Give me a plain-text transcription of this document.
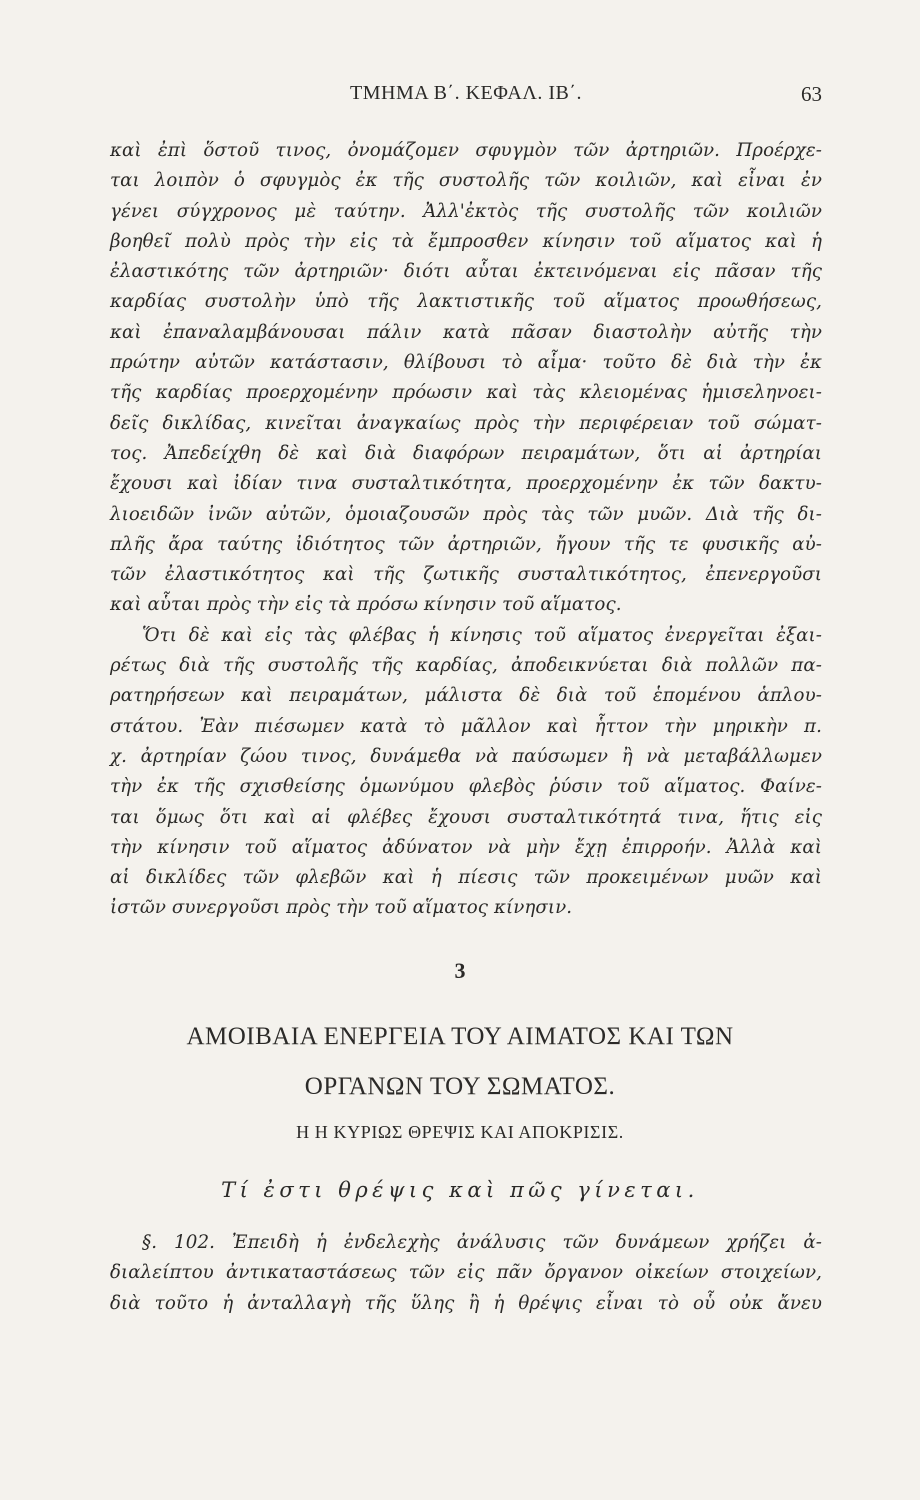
ΤΜΗΜΑ Β΄. ΚΕΦΑΛ. ΙΒ΄.	63
καὶ ἐπὶ ὅστοῦ τινος, ὀνομάζομεν σφυγμὸν τῶν ἀρτηριῶν. Προέρχε-
ται λοιπὸν ὁ σφυγμὸς ἐκ τῆς συστολῆς τῶν κοιλιῶν, καὶ εἶναι ἐν
γένει σύγχρονος μὲ ταύτην. Ἀλλ'ἐκτὸς τῆς συστολῆς τῶν κοιλιῶν
βοηθεῖ πολὺ πρὸς τὴν εἰς τὰ ἔμπροσθεν κίνησιν τοῦ αἵματος καὶ ἡ
ἐλαστικότης τῶν ἀρτηριῶν· διότι αὗται ἐκτεινόμεναι εἰς πᾶσαν τῆς
καρδίας συστολὴν ὑπὸ τῆς λακτιστικῆς τοῦ αἵματος προωθήσεως,
καὶ ἐπαναλαμβάνουσαι πάλιν κατὰ πᾶσαν διαστολὴν αὐτῆς τὴν
πρώτην αὐτῶν κατάστασιν, θλίβουσι τὸ αἷμα· τοῦτο δὲ διὰ τὴν ἐκ
τῆς καρδίας προερχομένην πρόωσιν καὶ τὰς κλειομένας ἡμισεληνοει-
δεῖς δικλίδας, κινεῖται ἀναγκαίως πρὸς τὴν περιφέρειαν τοῦ σώματ-
τος. Ἀπεδείχθη δὲ καὶ διὰ διαφόρων πειραμάτων, ὅτι αἱ ἀρτηρίαι
ἔχουσι καὶ ἰδίαν τινα συσταλτικότητα, προερχομένην ἐκ τῶν δακτυ-
λιοειδῶν ἰνῶν αὐτῶν, ὁμοιαζουσῶν πρὸς τὰς τῶν μυῶν. Διὰ τῆς δι-
πλῆς ἄρα ταύτης ἰδιότητος τῶν ἀρτηριῶν, ἤγουν τῆς τε φυσικῆς αὐ-
τῶν ἐλαστικότητος καὶ τῆς ζωτικῆς συσταλτικότητος, ἐπενεργοῦσι
καὶ αὗται πρὸς τὴν εἰς τὰ πρόσω κίνησιν τοῦ αἵματος.
Ὅτι δὲ καὶ εἰς τὰς φλέβας ἡ κίνησις τοῦ αἵματος ἐνεργεῖται ἐξαι-
ρέτως διὰ τῆς συστολῆς τῆς καρδίας, ἀποδεικνύεται διὰ πολλῶν πα-
ρατηρήσεων καὶ πειραμάτων, μάλιστα δὲ διὰ τοῦ ἑπομένου ἁπλου-
στάτου. Ἐὰν πιέσωμεν κατὰ τὸ μᾶλλον καὶ ἧττον τὴν μηρικὴν π.
χ. ἀρτηρίαν ζώου τινος, δυνάμεθα νὰ παύσωμεν ἢ νὰ μεταβάλλωμεν
τὴν ἐκ τῆς σχισθείσης ὁμωνύμου φλεβὸς ῥύσιν τοῦ αἵματος. Φαίνε-
ται ὅμως ὅτι καὶ αἱ φλέβες ἔχουσι συσταλτικότητά τινα, ἥτις εἰς
τὴν κίνησιν τοῦ αἵματος ἀδύνατον νὰ μὴν ἔχῃ ἐπιρροήν. Ἀλλὰ καὶ
αἱ δικλίδες τῶν φλεβῶν καὶ ἡ πίεσις τῶν προκειμένων μυῶν καὶ
ἰστῶν συνεργοῦσι πρὸς τὴν τοῦ αἵματος κίνησιν.
3
ΑΜΟΙΒΑΙΑ ΕΝΕΡΓΕΙΑ ΤΟΥ ΑΙΜΑΤΟΣ ΚΑΙ ΤΩΝ
ΟΡΓΑΝΩΝ ΤΟΥ ΣΩΜΑΤΟΣ.
Η Η ΚΥΡΙΩΣ ΘΡΕΨΙΣ ΚΑΙ ΑΠΟΚΡΙΣΙΣ.
Τί ἐστι θρέψις καὶ πῶς γίνεται.
§. 102. Ἐπειδὴ ἡ ἐνδελεχὴς ἀνάλυσις τῶν δυνάμεων χρήζει ἀ-
διαλείπτου ἀντικαταστάσεως τῶν εἰς πᾶν ὄργανον οἰκείων στοιχείων,
διὰ τοῦτο ἡ ἀνταλλαγὴ τῆς ὕλης ἢ ἡ θρέψις εἶναι τὸ οὗ οὐκ ἄνευ
